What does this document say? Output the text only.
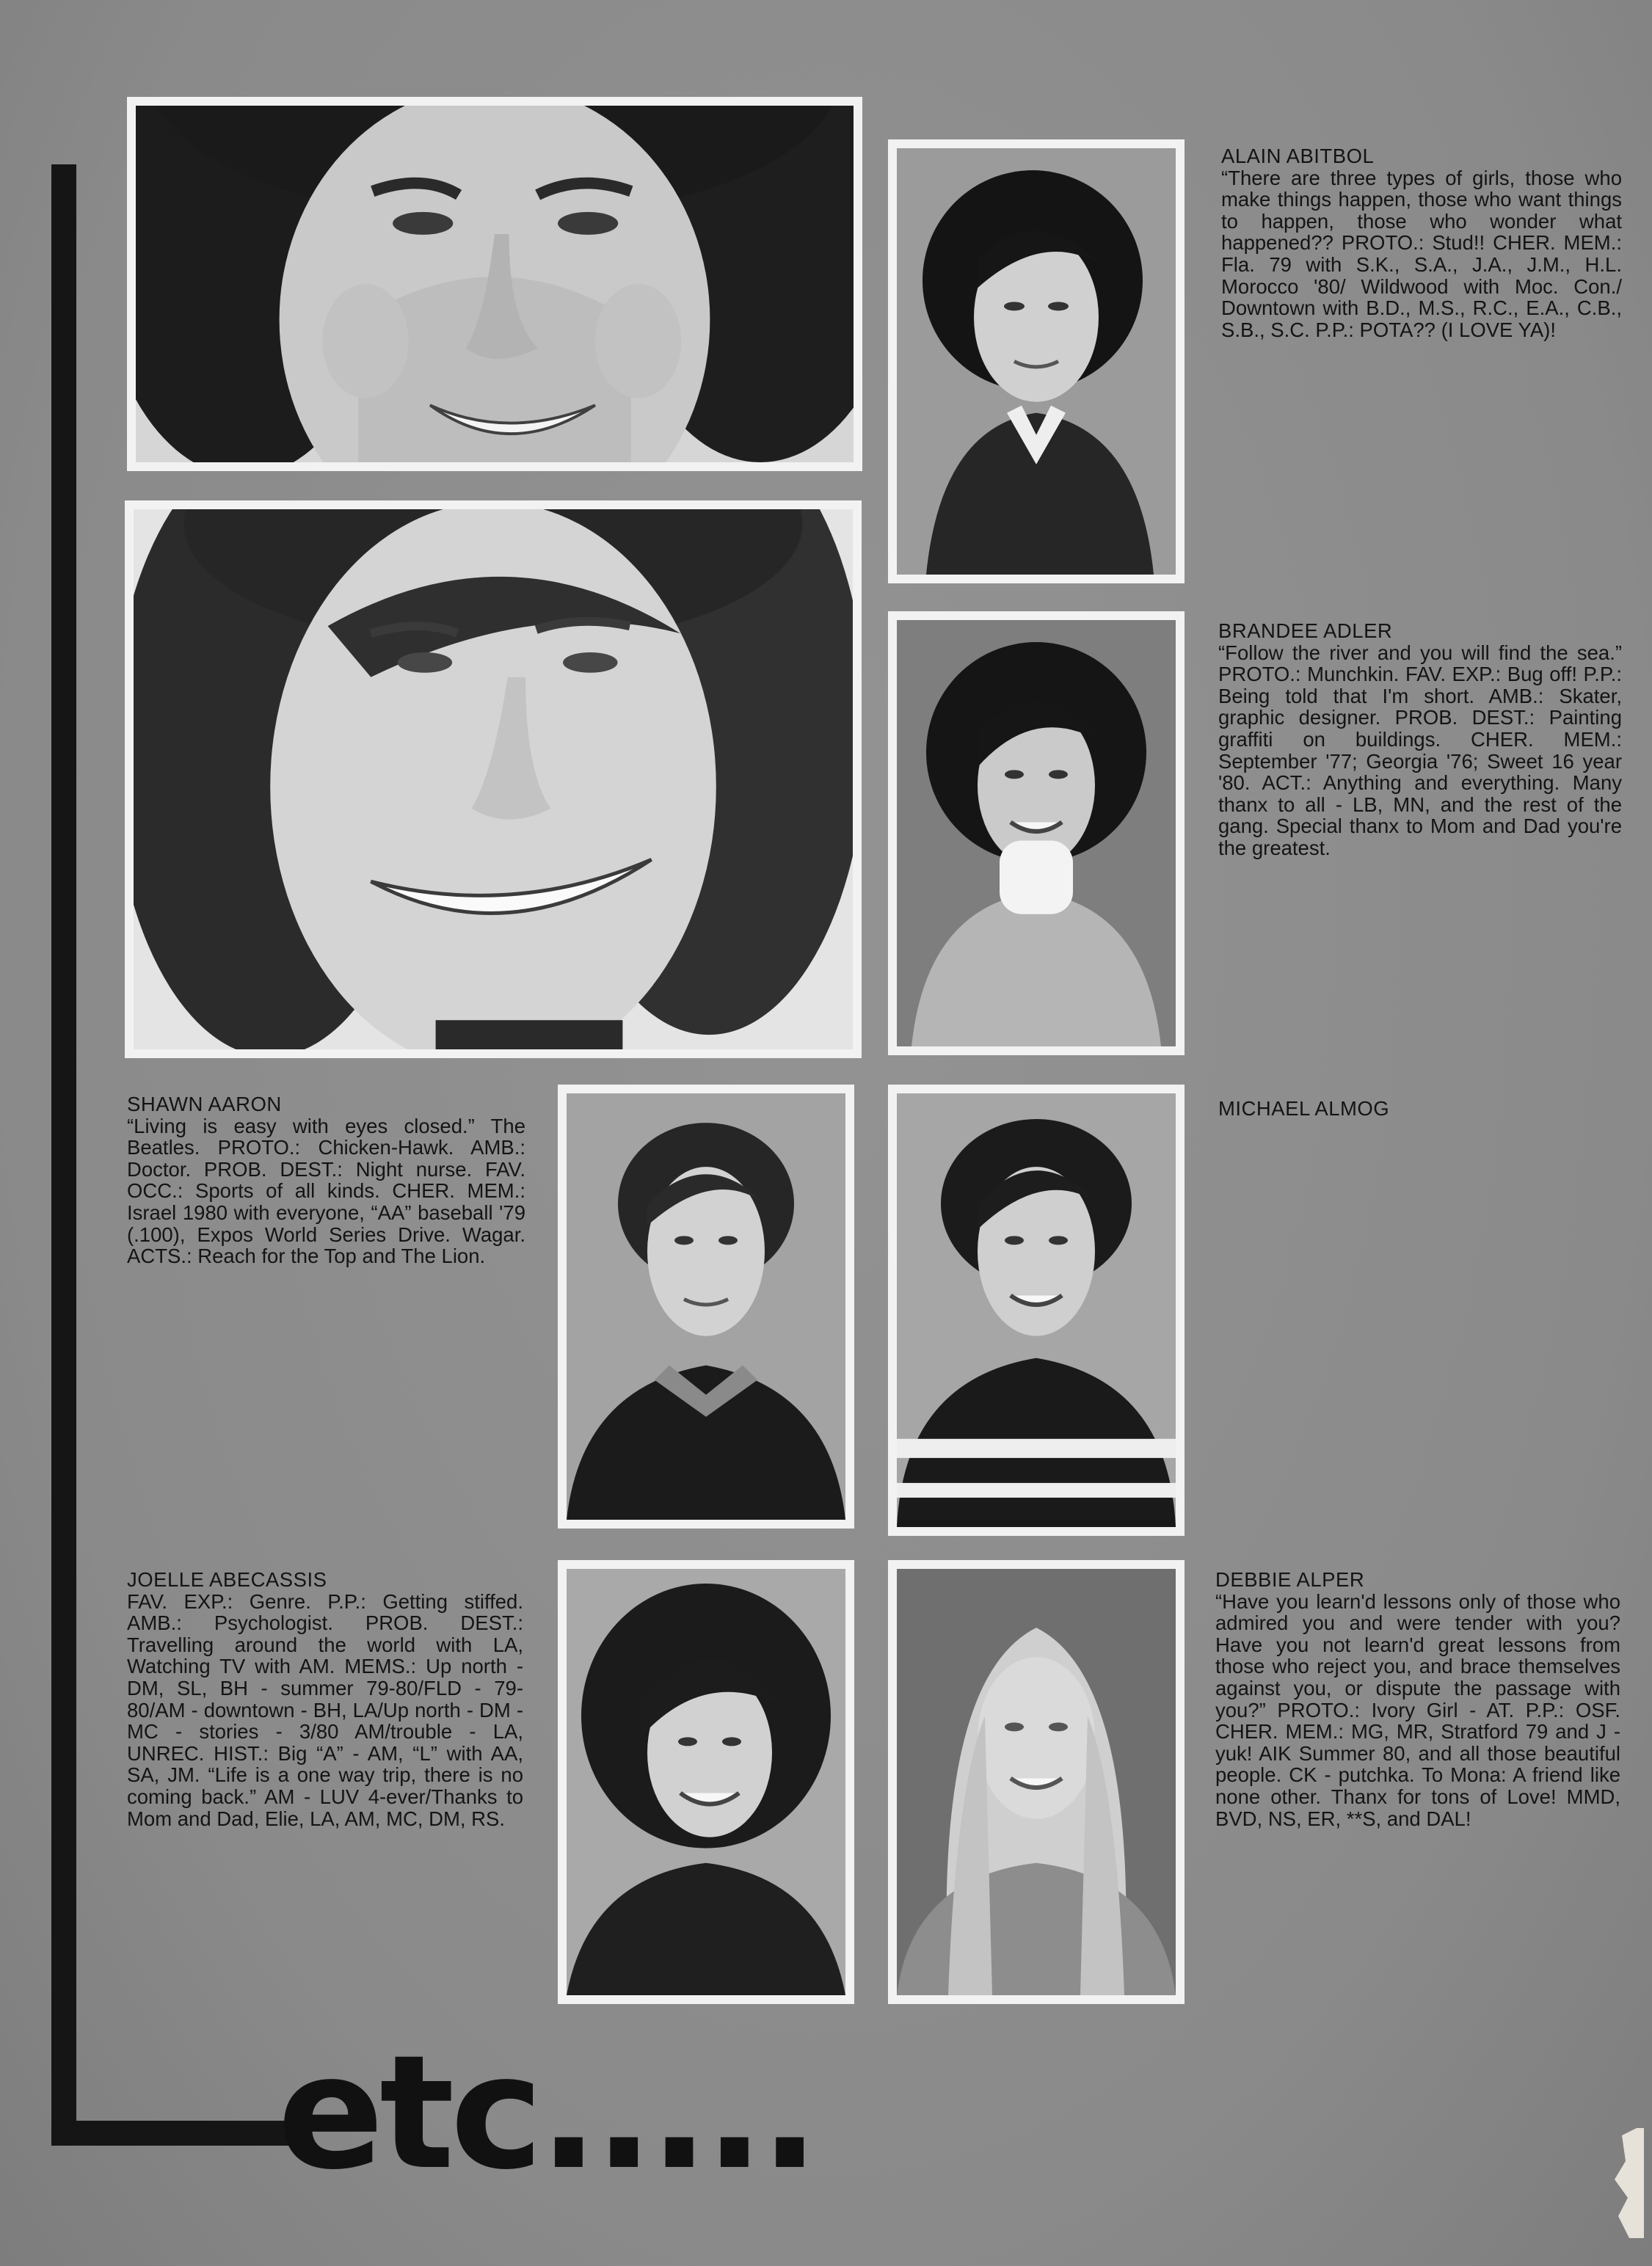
ALAIN ABITBOL
“There are three types of girls, those who make things happen, those who want things to happen, those who wonder what happened?? PROTO.: Stud!! CHER. MEM.: Fla. 79 with S.K., S.A., J.A., J.M., H.L. Morocco '80/ Wildwood with Moc. Con./ Downtown with B.D., M.S., R.C., E.A., C.B., S.B., S.C. P.P.: POTA?? (I LOVE YA)!
BRANDEE ADLER
“Follow the river and you will find the sea.” PROTO.: Munchkin. FAV. EXP.: Bug off! P.P.: Being told that I'm short. AMB.: Skater, graphic designer. PROB. DEST.: Painting graffiti on buildings. CHER. MEM.: September '77; Georgia '76; Sweet 16 year '80. ACT.: Anything and everything. Many thanx to all - LB, MN, and the rest of the gang. Special thanx to Mom and Dad you're the greatest.
SHAWN AARON
“Living is easy with eyes closed.” The Beatles. PROTO.: Chicken-Hawk. AMB.: Doctor. PROB. DEST.: Night nurse. FAV. OCC.: Sports of all kinds. CHER. MEM.: Israel 1980 with everyone, “AA” baseball '79 (.100), Expos World Series Drive. Wagar. ACTS.: Reach for the Top and The Lion.
MICHAEL ALMOG
JOELLE ABECASSIS
FAV. EXP.: Genre. P.P.: Getting stiffed. AMB.: Psychologist. PROB. DEST.: Travelling around the world with LA, Watching TV with AM. MEMS.: Up north - DM, SL, BH - summer 79-80/FLD - 79-80/AM - downtown - BH, LA/Up north - DM - MC - stories - 3/80 AM/trouble - LA, UNREC. HIST.: Big “A” - AM, “L” with AA, SA, JM. “Life is a one way trip, there is no coming back.” AM - LUV 4-ever/Thanks to Mom and Dad, Elie, LA, AM, MC, DM, RS.
DEBBIE ALPER
“Have you learn'd lessons only of those who admired you and were tender with you? Have you not learn'd great lessons from those who reject you, and brace themselves against you, or dispute the passage with you?” PROTO.: Ivory Girl - AT. P.P.: OSF. CHER. MEM.: MG, MR, Stratford 79 and J - yuk! AIK Summer 80, and all those beautiful people. CK - putchka. To Mona: A friend like none other. Thanx for tons of Love! MMD, BVD, NS, ER, **S, and DAL!
etc.....
